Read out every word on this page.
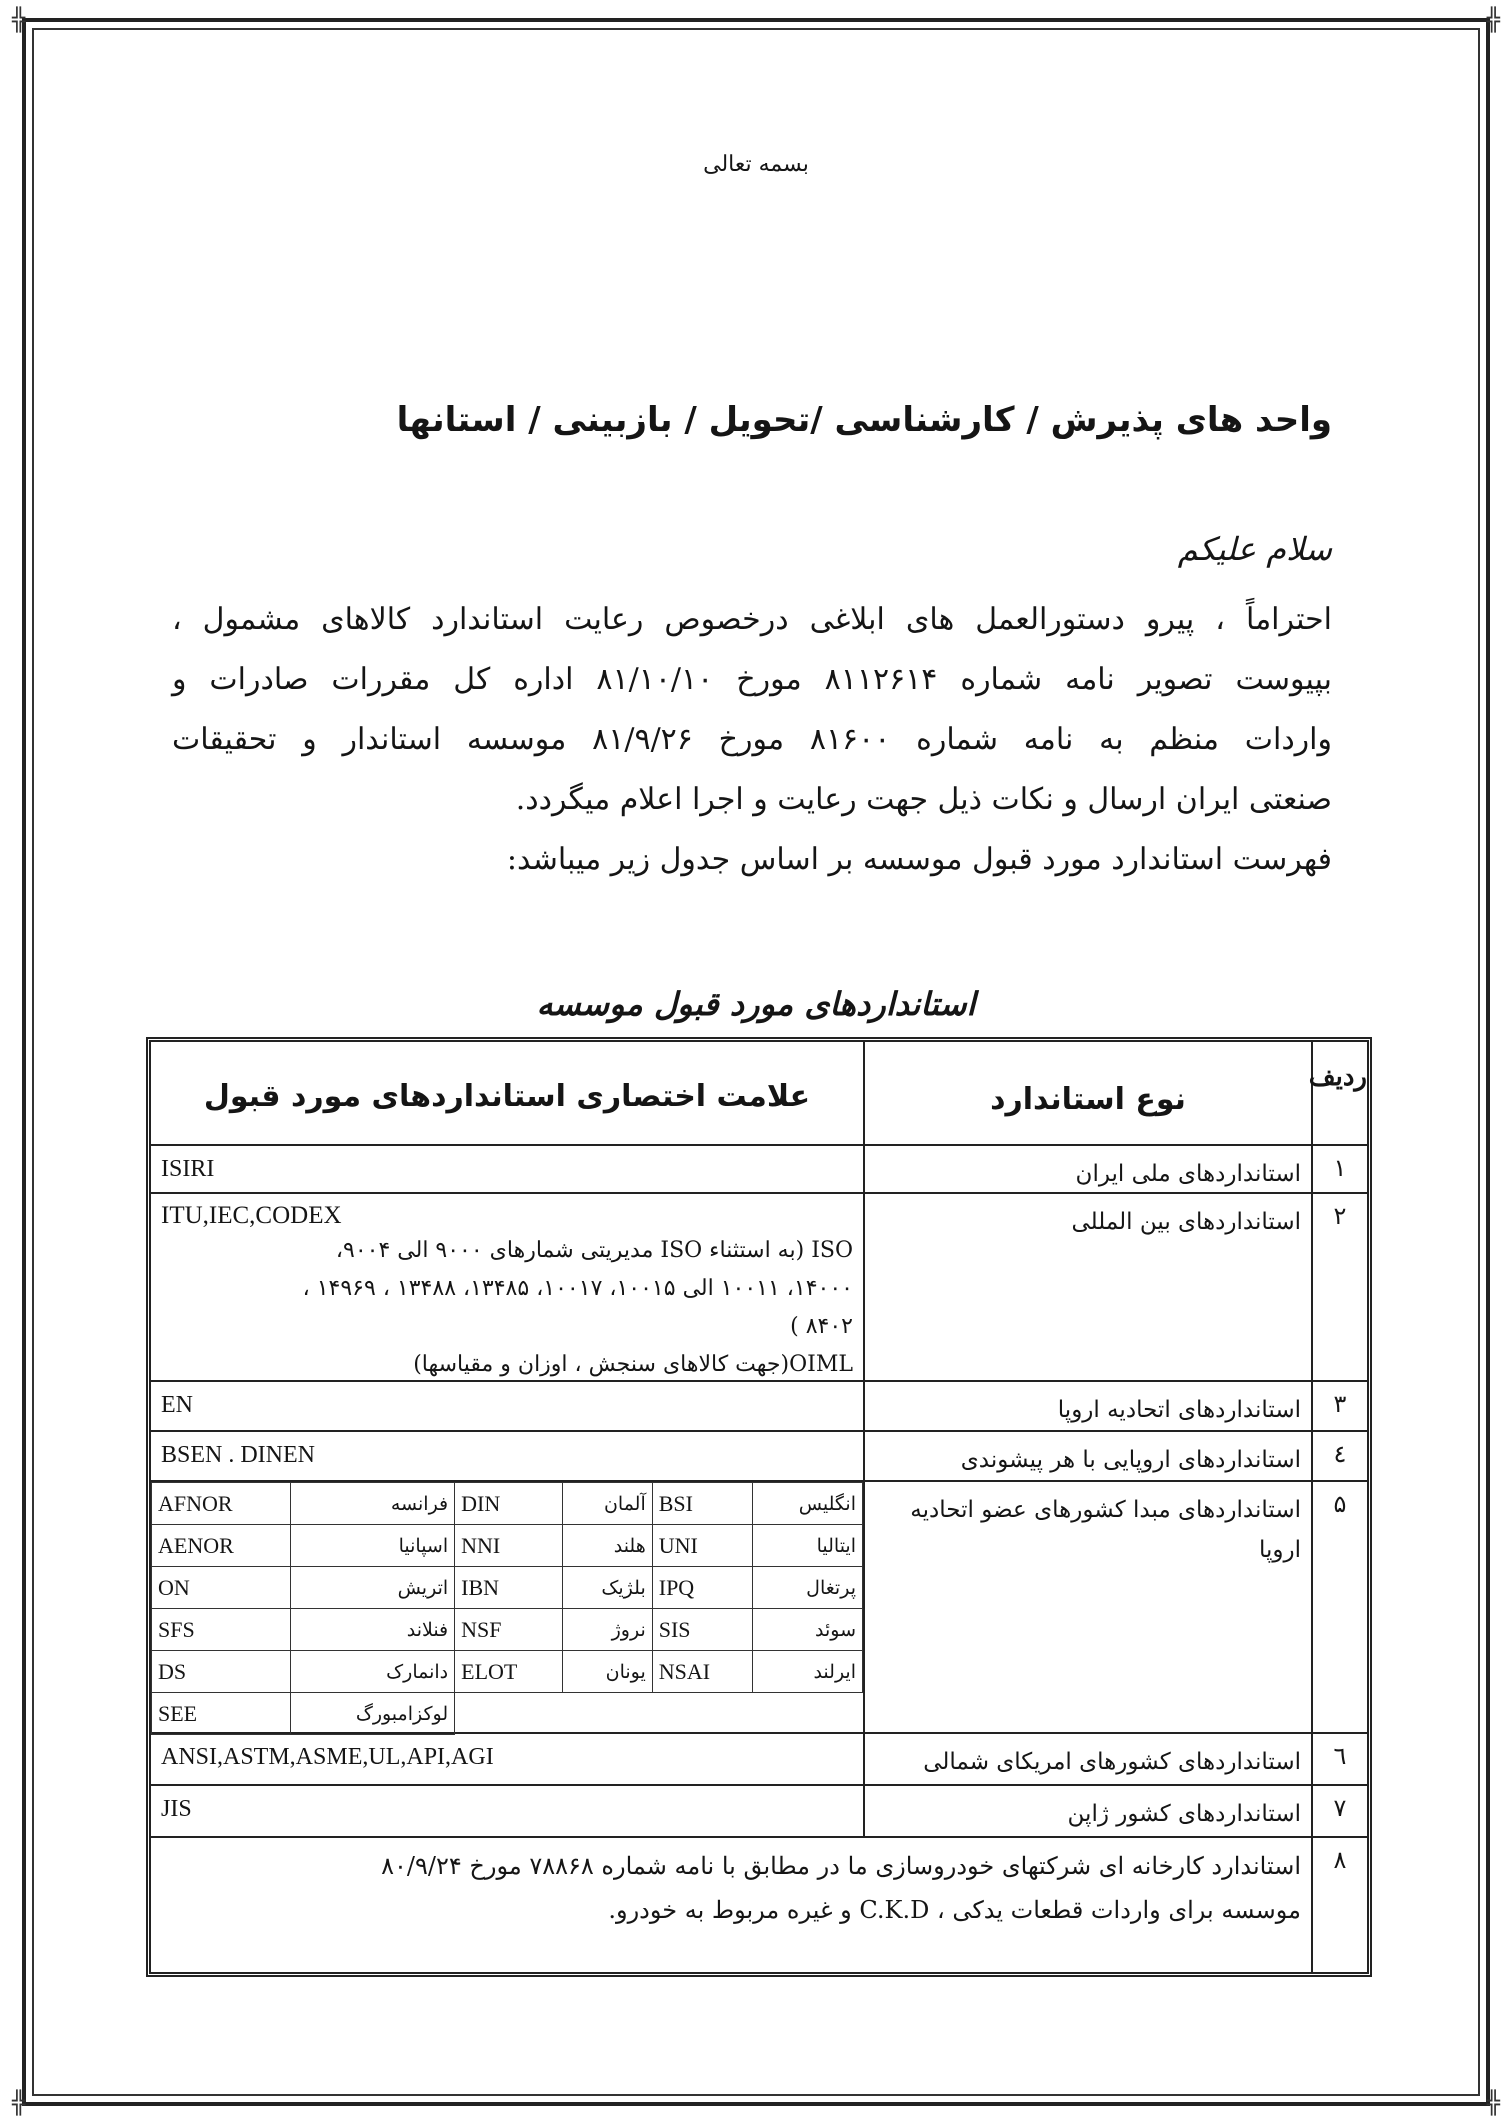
╬	╬
╬	╬
بسمه تعالی
واحد های پذیرش / کارشناسی /تحویل / بازبینی / استانها
سلام علیکم
احتراماً ، پیرو دستورالعمل های ابلاغی درخصوص رعایت استاندارد کالاهای مشمول ،
بپیوست تصویر نامه شماره ۸۱۱۲۶۱۴ مورخ ۸۱/۱۰/۱۰ اداره کل مقررات صادرات و
واردات منظم به نامه شماره ۸۱۶۰۰ مورخ ۸۱/۹/۲۶ موسسه استاندار و تحقیقات
صنعتی ایران ارسال و نکات ذیل جهت رعایت و اجرا اعلام میگردد.
فهرست استاندارد مورد قبول موسسه بر اساس جدول زیر میباشد:
استانداردهای مورد قبول موسسه
ردیف
نوع استاندارد
علامت اختصاری استانداردهای مورد قبول
۱
استانداردهای ملی ایران
ISIRI
۲
استانداردهای بین المللی
ITU,IEC,CODEX
ISO (به استثناء ISO مدیریتی شمارهای ۹۰۰۰ الی ۹۰۰۴،
۱۴۰۰۰، ۱۰۰۱۱ الی ۱۰۰۱۵، ۱۰۰۱۷، ۱۳۴۸۵، ۱۳۴۸۸ ، ۱۴۹۶۹ ،
۸۴۰۲ )
OIML(جهت کالاهای سنجش ، اوزان و مقیاسها)
۳
استانداردهای اتحادیه اروپا
EN
٤
استانداردهای اروپایی با هر پیشوندی
BSEN . DINEN
۵
استانداردهای مبدا کشورهای عضو اتحادیه اروپا
انگلیس	BSI	آلمان	DIN	فرانسه	AFNOR
ایتالیا	UNI	هلند	NNI	اسپانیا	AENOR
پرتغال	IPQ	بلژیک	IBN	اتریش	ON
سوئد	SIS	نروژ	NSF	فنلاند	SFS
ایرلند	NSAI	یونان	ELOT	دانمارک	DS
				لوکزامبورگ	SEE
٦
استانداردهای کشورهای امریکای شمالی
ANSI,ASTM,ASME,UL,API,AGI
۷
استانداردهای کشور ژاپن
JIS
۸
استاندارد کارخانه ای شرکتهای خودروسازی ما در مطابق با نامه شماره ۷۸۸۶۸ مورخ ۸۰/۹/۲۴
موسسه برای واردات قطعات یدکی ، C.K.D و غیره مربوط به خودرو.
